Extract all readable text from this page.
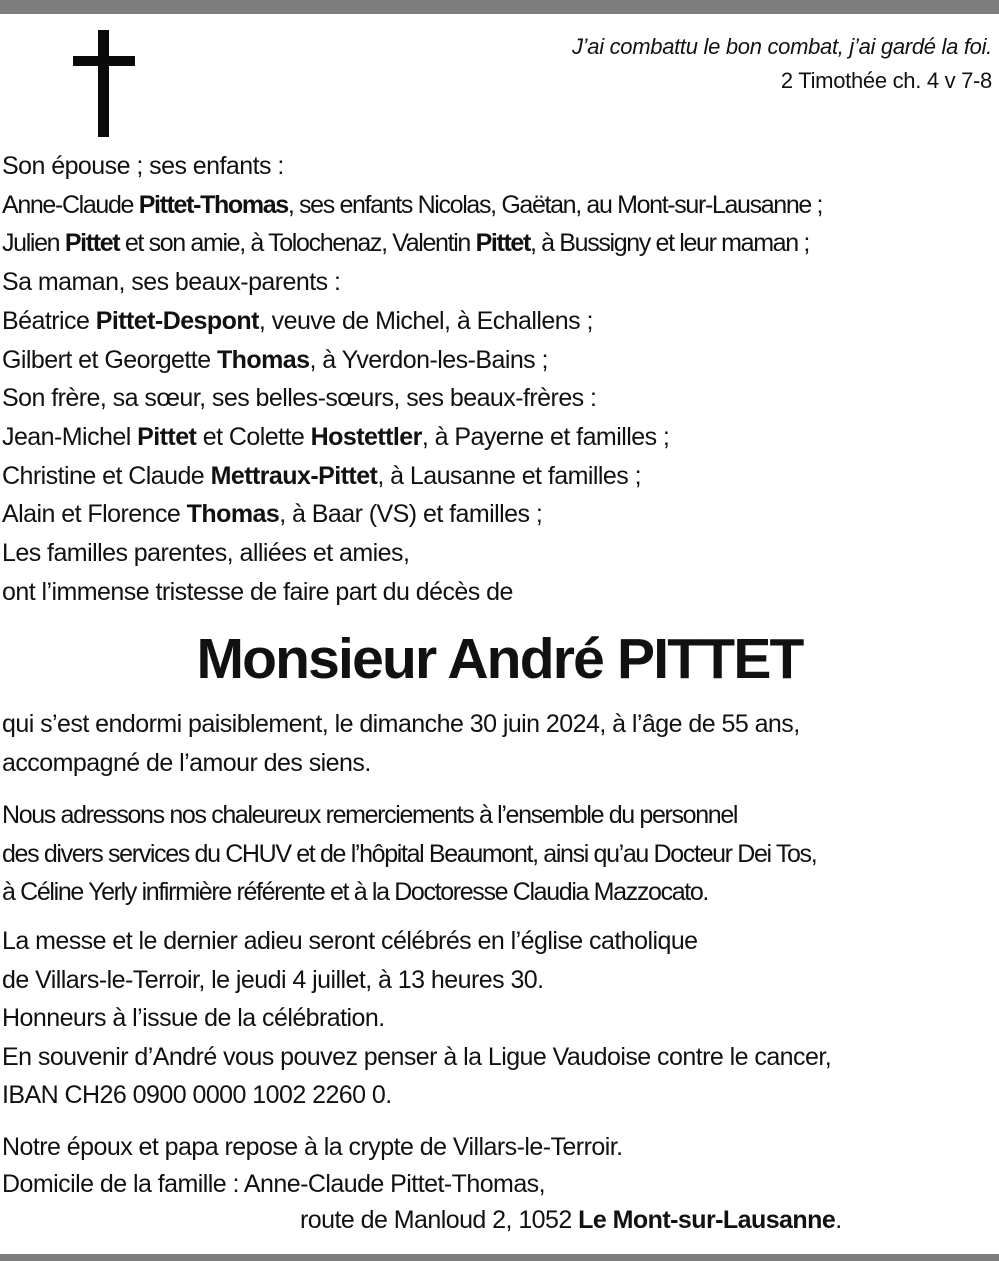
J’ai combattu le bon combat, j’ai gardé la foi.
2 Timothée ch. 4 v 7-8
Son épouse ; ses enfants :
Anne-Claude Pittet-Thomas, ses enfants Nicolas, Gaëtan, au Mont-sur-Lausanne ;
Julien Pittet et son amie, à Tolochenaz, Valentin Pittet, à Bussigny et leur maman ;
Sa maman, ses beaux-parents :
Béatrice Pittet-Despont, veuve de Michel, à Echallens ;
Gilbert et Georgette Thomas, à Yverdon-les-Bains ;
Son frère, sa sœur, ses belles-sœurs, ses beaux-frères :
Jean-Michel Pittet et Colette Hostettler, à Payerne et familles ;
Christine et Claude Mettraux-Pittet, à Lausanne et familles ;
Alain et Florence Thomas, à Baar (VS) et familles ;
Les familles parentes, alliées et amies,
ont l’immense tristesse de faire part du décès de
Monsieur André PITTET
qui s’est endormi paisiblement, le dimanche 30 juin 2024, à l’âge de 55 ans,
accompagné de l’amour des siens.
Nous adressons nos chaleureux remerciements à l’ensemble du personnel
des divers services du CHUV et de l’hôpital Beaumont, ainsi qu’au Docteur Dei Tos,
à Céline Yerly infirmière référente et à la Doctoresse Claudia Mazzocato.
La messe et le dernier adieu seront célébrés en l’église catholique
de Villars-le-Terroir, le jeudi 4 juillet, à 13 heures 30.
Honneurs à l’issue de la célébration.
En souvenir d’André vous pouvez penser à la Ligue Vaudoise contre le cancer,
IBAN CH26 0900 0000 1002 2260 0.
Notre époux et papa repose à la crypte de Villars-le-Terroir.
Domicile de la famille : Anne-Claude Pittet-Thomas,
route de Manloud 2, 1052 Le Mont-sur-Lausanne.
